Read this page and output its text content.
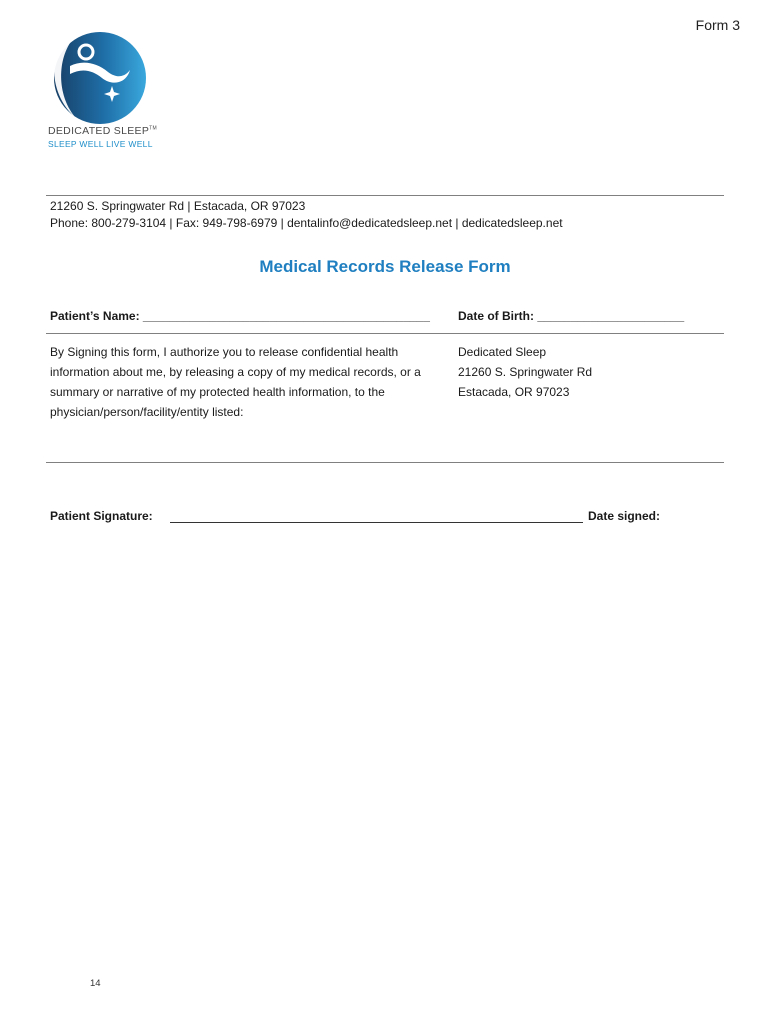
Form 3
DEDICATED SLEEP™
SLEEP WELL LIVE WELL
21260 S. Springwater Rd | Estacada, OR 97023
Phone: 800-279-3104 | Fax: 949-798-6979 | dentalinfo@dedicatedsleep.net | dedicatedsleep.net
Medical Records Release Form
Patient’s Name: ___________________________________________ Date of Birth: ______________________
By Signing this form, I authorize you to release confidential health
information about me, by releasing a copy of my medical records, or a
summary or narrative of my protected health information, to the
physician/person/facility/entity listed:
Dedicated Sleep
21260 S. Springwater Rd
Estacada, OR 97023
Patient Signature:	Date signed:
14
